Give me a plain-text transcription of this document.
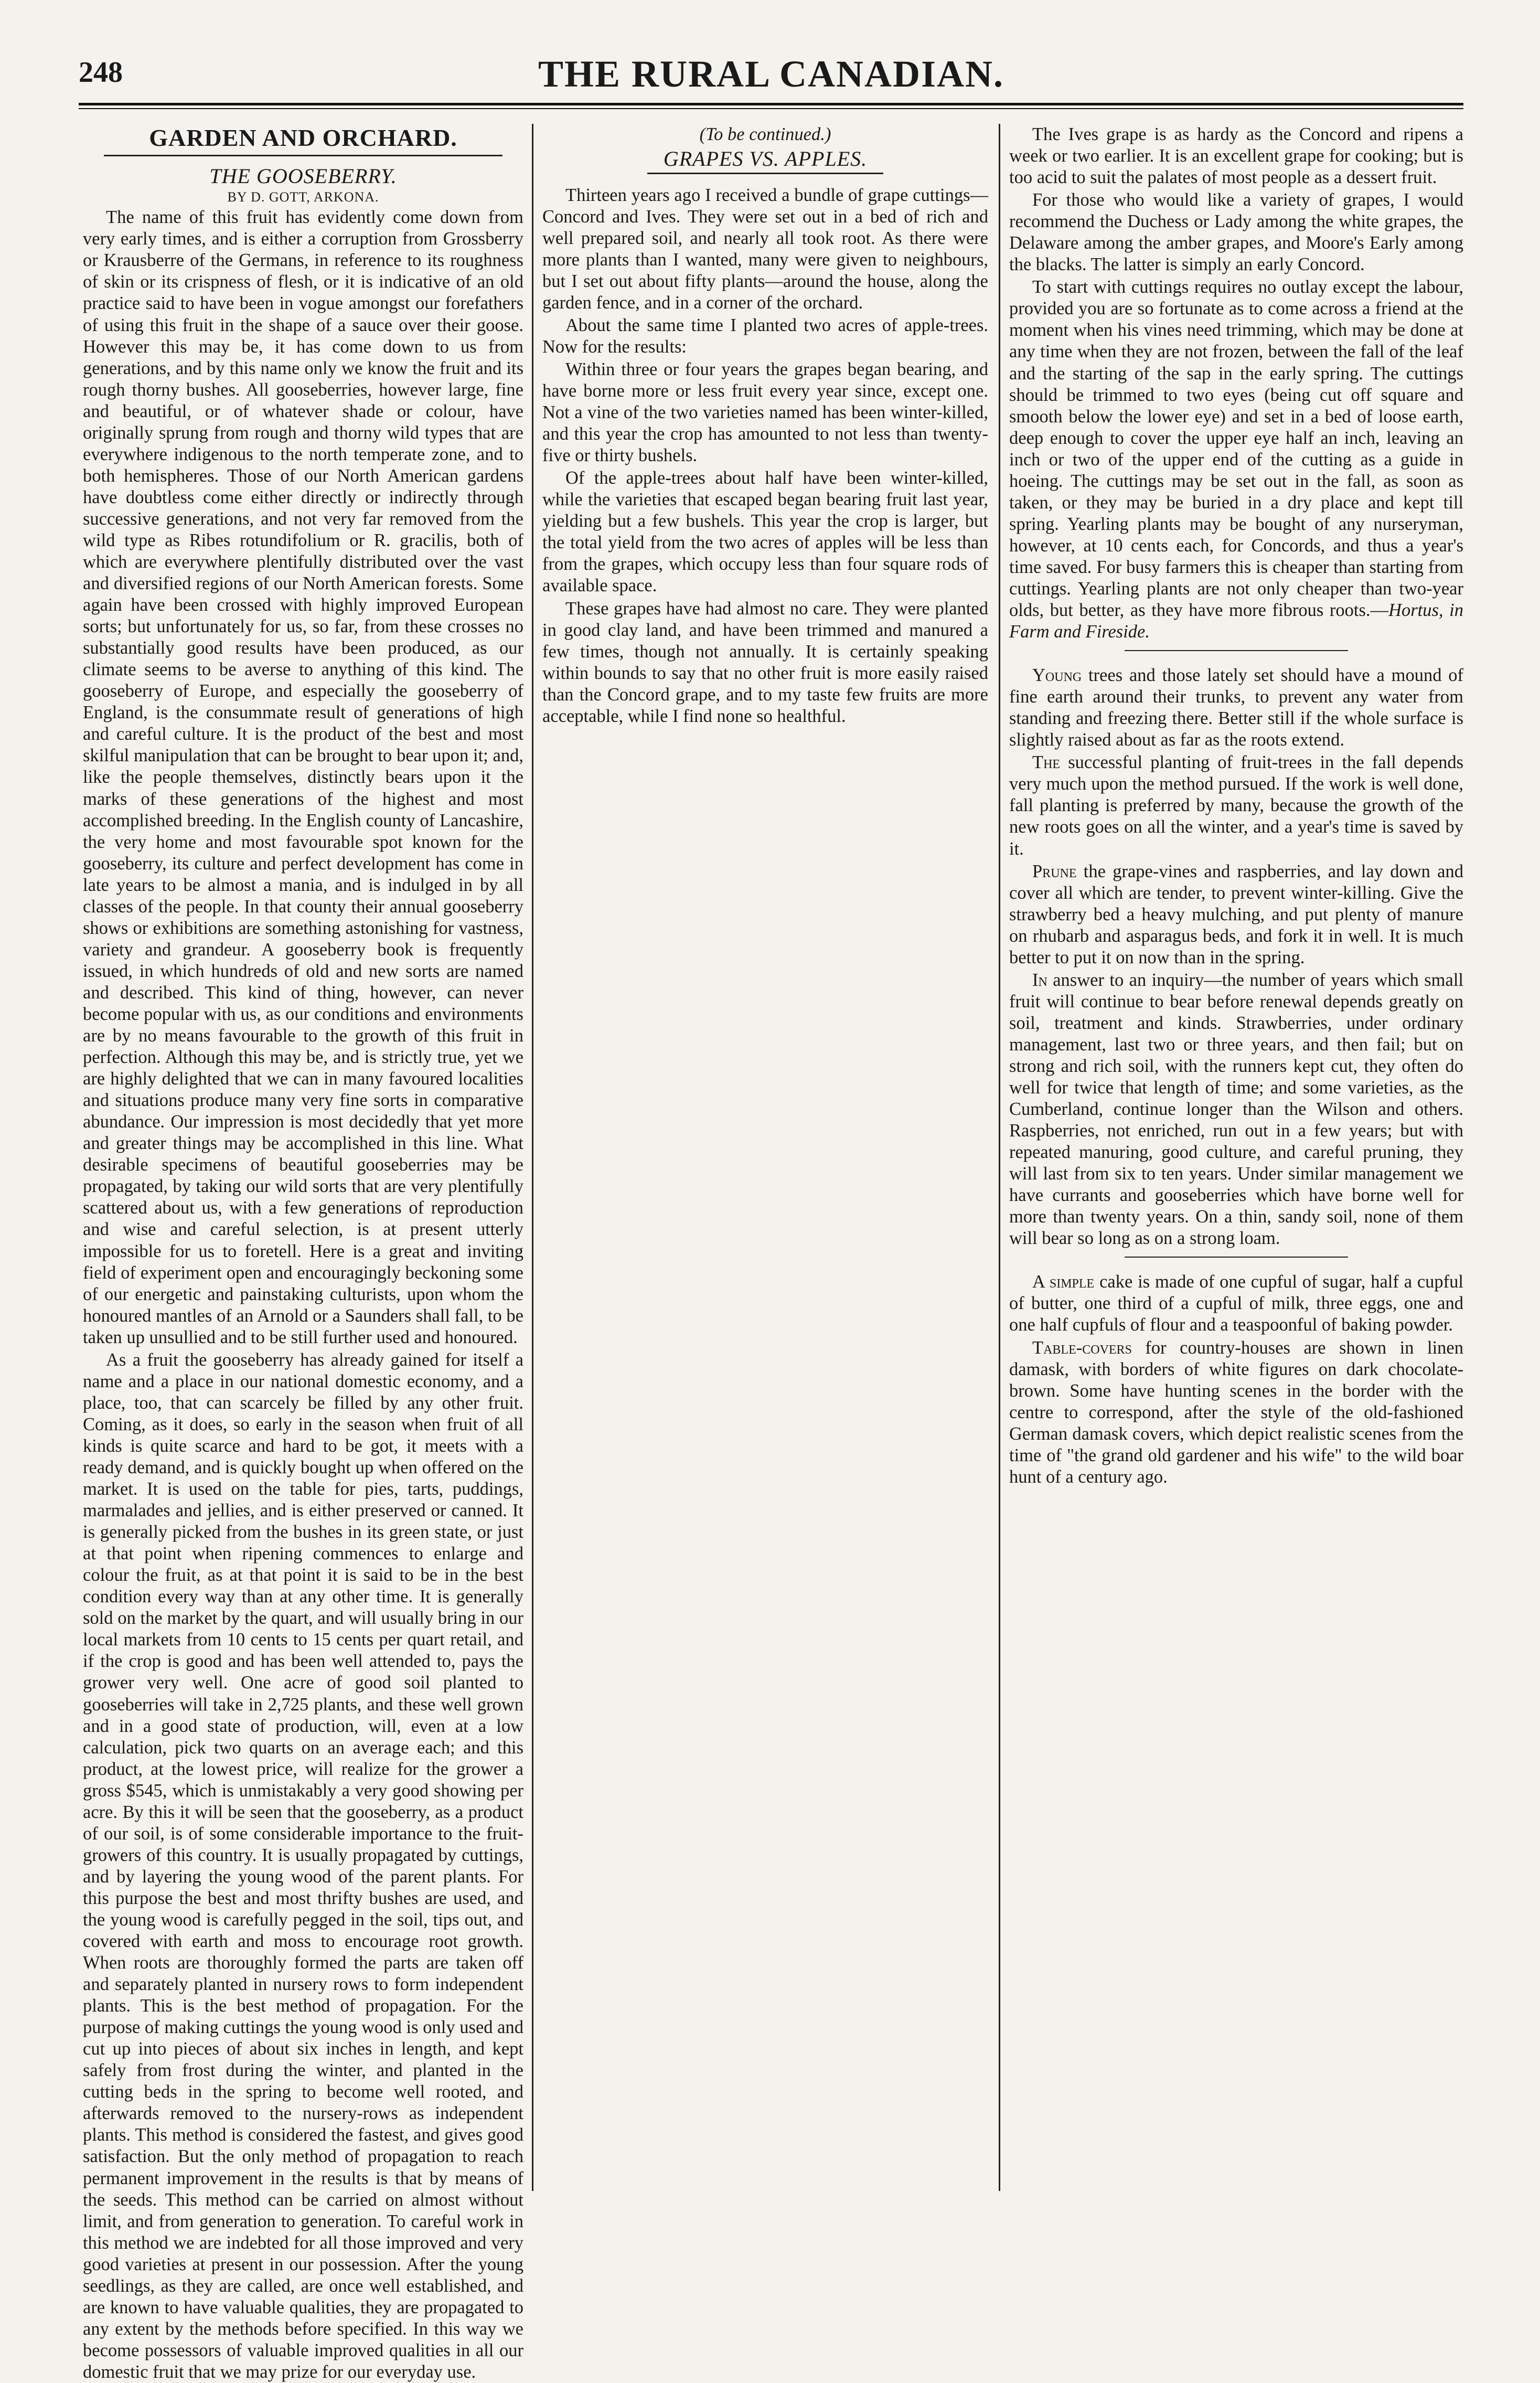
248	THE RURAL CANADIAN.

GARDEN AND ORCHARD.

THE GOOSEBERRY.

BY D. GOTT, ARKONA.

The name of this fruit has evidently come down from very early times, and is either a corruption from Grossberry or Krausberre of the Germans, in reference to its roughness of skin or its crispness of flesh, or it is indicative of an old practice said to have been in vogue amongst our forefathers of using this fruit in the shape of a sauce over their goose. However this may be, it has come down to us from generations, and by this name only we know the fruit and its rough thorny bushes. All gooseberries, however large, fine and beautiful, or of whatever shade or colour, have originally sprung from rough and thorny wild types that are everywhere indigenous to the north temperate zone, and to both hemispheres. Those of our North American gardens have doubtless come either directly or indirectly through successive generations, and not very far removed from the wild type as Ribes rotundifolium or R. gracilis, both of which are everywhere plentifully distributed over the vast and diversified regions of our North American forests. Some again have been crossed with highly improved European sorts; but unfortunately for us, so far, from these crosses no substantially good results have been produced, as our climate seems to be averse to anything of this kind. The gooseberry of Europe, and especially the gooseberry of England, is the consummate result of generations of high and careful culture. It is the product of the best and most skilful manipulation that can be brought to bear upon it; and, like the people themselves, distinctly bears upon it the marks of these generations of the highest and most accomplished breeding. In the English county of Lancashire, the very home and most favourable spot known for the gooseberry, its culture and perfect development has come in late years to be almost a mania, and is indulged in by all classes of the people. In that county their annual gooseberry shows or exhibitions are something astonishing for vastness, variety and grandeur. A gooseberry book is frequently issued, in which hundreds of old and new sorts are named and described. This kind of thing, however, can never become popular with us, as our conditions and environments are by no means favourable to the growth of this fruit in perfection. Although this may be, and is strictly true, yet we are highly delighted that we can in many favoured localities and situations produce many very fine sorts in comparative abundance. Our impression is most decidedly that yet more and greater things may be accomplished in this line. What desirable specimens of beautiful gooseberries may be propagated, by taking our wild sorts that are very plentifully scattered about us, with a few generations of reproduction and wise and careful selection, is at present utterly impossible for us to foretell. Here is a great and inviting field of experiment open and encouragingly beckoning some of our energetic and painstaking culturists, upon whom the honoured mantles of an Arnold or a Saunders shall fall, to be taken up unsullied and to be still further used and honoured.

As a fruit the gooseberry has already gained for itself a name and a place in our national domestic economy, and a place, too, that can scarcely be filled by any other fruit. Coming, as it does, so early in the season when fruit of all kinds is quite scarce and hard to be got, it meets with a ready demand, and is quickly bought up when offered on the market. It is used on the table for pies, tarts, puddings, marmalades and jellies, and is either preserved or canned. It is generally picked from the bushes in its green state, or just at that point when ripening commences to enlarge and colour the fruit, as at that point it is said to be in the best condition every way than at any other time. It is generally sold on the market by the quart, and will usually bring in our local markets from 10 cents to 15 cents per quart retail, and if the crop is good and has been well attended to, pays the grower very well. One acre of good soil planted to gooseberries will take in 2,725 plants, and these well grown and in a good state of production, will, even at a low calculation, pick two quarts on an average each; and this product, at the lowest price, will realize for the grower a gross $545, which is unmistakably a very good showing per acre. By this it will be seen that the gooseberry, as a product of our soil, is of some considerable importance to the fruit-growers of this country. It is usually propagated by cuttings, and by layering the young wood of the parent plants. For this purpose the best and most thrifty bushes are used, and the young wood is carefully pegged in the soil, tips out, and covered with earth and moss to encourage root growth. When roots are thoroughly formed the parts are taken off and separately planted in nursery rows to form independent plants. This is the best method of propagation. For the purpose of making cuttings the young wood is only used and cut up into pieces of about six inches in length, and kept safely from frost during the winter, and planted in the cutting beds in the spring to become well rooted, and afterwards removed to the nursery-rows as independent plants. This method is considered the fastest, and gives good satisfaction. But the only method of propagation to reach permanent improvement in the results is that by means of the seeds. This method can be carried on almost without limit, and from generation to generation. To careful work in this method we are indebted for all those improved and very good varieties at present in our possession. After the young seedlings, as they are called, are once well established, and are known to have valuable qualities, they are propagated to any extent by the methods before specified. In this way we become possessors of valuable improved qualities in all our domestic fruit that we may prize for our everyday use.

(To be continued.)

GRAPES VS. APPLES.

Thirteen years ago I received a bundle of grape cuttings—Concord and Ives. They were set out in a bed of rich and well prepared soil, and nearly all took root. As there were more plants than I wanted, many were given to neighbours, but I set out about fifty plants—around the house, along the garden fence, and in a corner of the orchard.

About the same time I planted two acres of apple-trees. Now for the results:

Within three or four years the grapes began bearing, and have borne more or less fruit every year since, except one. Not a vine of the two varieties named has been winter-killed, and this year the crop has amounted to not less than twenty-five or thirty bushels.

Of the apple-trees about half have been winter-killed, while the varieties that escaped began bearing fruit last year, yielding but a few bushels. This year the crop is larger, but the total yield from the two acres of apples will be less than from the grapes, which occupy less than four square rods of available space.

These grapes have had almost no care. They were planted in good clay land, and have been trimmed and manured a few times, though not annually. It is certainly speaking within bounds to say that no other fruit is more easily raised than the Concord grape, and to my taste few fruits are more acceptable, while I find none so healthful.

The Ives grape is as hardy as the Concord and ripens a week or two earlier. It is an excellent grape for cooking; but is too acid to suit the palates of most people as a dessert fruit.

For those who would like a variety of grapes, I would recommend the Duchess or Lady among the white grapes, the Delaware among the amber grapes, and Moore's Early among the blacks. The latter is simply an early Concord.

To start with cuttings requires no outlay except the labour, provided you are so fortunate as to come across a friend at the moment when his vines need trimming, which may be done at any time when they are not frozen, between the fall of the leaf and the starting of the sap in the early spring. The cuttings should be trimmed to two eyes (being cut off square and smooth below the lower eye) and set in a bed of loose earth, deep enough to cover the upper eye half an inch, leaving an inch or two of the upper end of the cutting as a guide in hoeing. The cuttings may be set out in the fall, as soon as taken, or they may be buried in a dry place and kept till spring. Yearling plants may be bought of any nurseryman, however, at 10 cents each, for Concords, and thus a year's time saved. For busy farmers this is cheaper than starting from cuttings. Yearling plants are not only cheaper than two-year olds, but better, as they have more fibrous roots.—Hortus, in Farm and Fireside.

Young trees and those lately set should have a mound of fine earth around their trunks, to prevent any water from standing and freezing there. Better still if the whole surface is slightly raised about as far as the roots extend.

The successful planting of fruit-trees in the fall depends very much upon the method pursued. If the work is well done, fall planting is preferred by many, because the growth of the new roots goes on all the winter, and a year's time is saved by it.

Prune the grape-vines and raspberries, and lay down and cover all which are tender, to prevent winter-killing. Give the strawberry bed a heavy mulching, and put plenty of manure on rhubarb and asparagus beds, and fork it in well. It is much better to put it on now than in the spring.

In answer to an inquiry—the number of years which small fruit will continue to bear before renewal depends greatly on soil, treatment and kinds. Strawberries, under ordinary management, last two or three years, and then fail; but on strong and rich soil, with the runners kept cut, they often do well for twice that length of time; and some varieties, as the Cumberland, continue longer than the Wilson and others. Raspberries, not enriched, run out in a few years; but with repeated manuring, good culture, and careful pruning, they will last from six to ten years. Under similar management we have currants and gooseberries which have borne well for more than twenty years. On a thin, sandy soil, none of them will bear so long as on a strong loam.

A simple cake is made of one cupful of sugar, half a cupful of butter, one third of a cupful of milk, three eggs, one and one half cupfuls of flour and a teaspoonful of baking powder.

Table-covers for country-houses are shown in linen damask, with borders of white figures on dark chocolate-brown. Some have hunting scenes in the border with the centre to correspond, after the style of the old-fashioned German damask covers, which depict realistic scenes from the time of "the grand old gardener and his wife" to the wild boar hunt of a century ago.
